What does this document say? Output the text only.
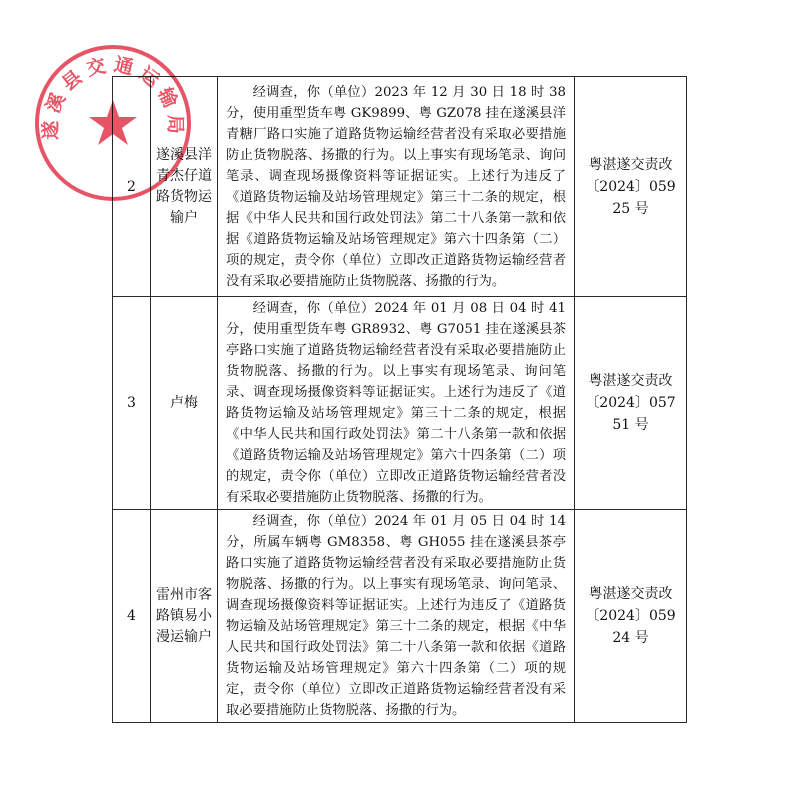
2	遂溪县洋青杰仔道路货物运输户	经调查，你（单位）2023 年 12 月 30 日 18 时 38 分，使用重型货车粤 GK9899、粤 GZ078 挂在遂溪县洋青糖厂路口实施了道路货物运输经营者没有采取必要措施防止货物脱落、扬撒的行为。以上事实有现场笔录、询问笔录、调查现场摄像资料等证据证实。上述行为违反了《道路货物运输及站场管理规定》第三十二条的规定，根据《中华人民共和国行政处罚法》第二十八条第一款和依据《道路货物运输及站场管理规定》第六十四条第（二）项的规定，责令你（单位）立即改正道路货物运输经营者没有采取必要措施防止货物脱落、扬撒的行为。	粤湛遂交责改〔2024〕05925 号
3	卢梅	经调查，你（单位）2024 年 01 月 08 日 04 时 41 分，使用重型货车粤 GR8932、粤 G7051 挂在遂溪县茶亭路口实施了道路货物运输经营者没有采取必要措施防止货物脱落、扬撒的行为。以上事实有现场笔录、询问笔录、调查现场摄像资料等证据证实。上述行为违反了《道路货物运输及站场管理规定》第三十二条的规定，根据《中华人民共和国行政处罚法》第二十八条第一款和依据《道路货物运输及站场管理规定》第六十四条第（二）项的规定，责令你（单位）立即改正道路货物运输经营者没有采取必要措施防止货物脱落、扬撒的行为。	粤湛遂交责改〔2024〕05751 号
4	雷州市客路镇易小漫运输户	经调查，你（单位）2024 年 01 月 05 日 04 时 14 分，所属车辆粤 GM8358、粤 GH055 挂在遂溪县茶亭路口实施了道路货物运输经营者没有采取必要措施防止货物脱落、扬撒的行为。以上事实有现场笔录、询问笔录、调查现场摄像资料等证据证实。上述行为违反了《道路货物运输及站场管理规定》第三十二条的规定，根据《中华人民共和国行政处罚法》第二十八条第一款和依据《道路货物运输及站场管理规定》第六十四条第（二）项的规定，责令你（单位）立即改正道路货物运输经营者没有采取必要措施防止货物脱落、扬撒的行为。	粤湛遂交责改〔2024〕05924 号
遂溪县交通运输局
